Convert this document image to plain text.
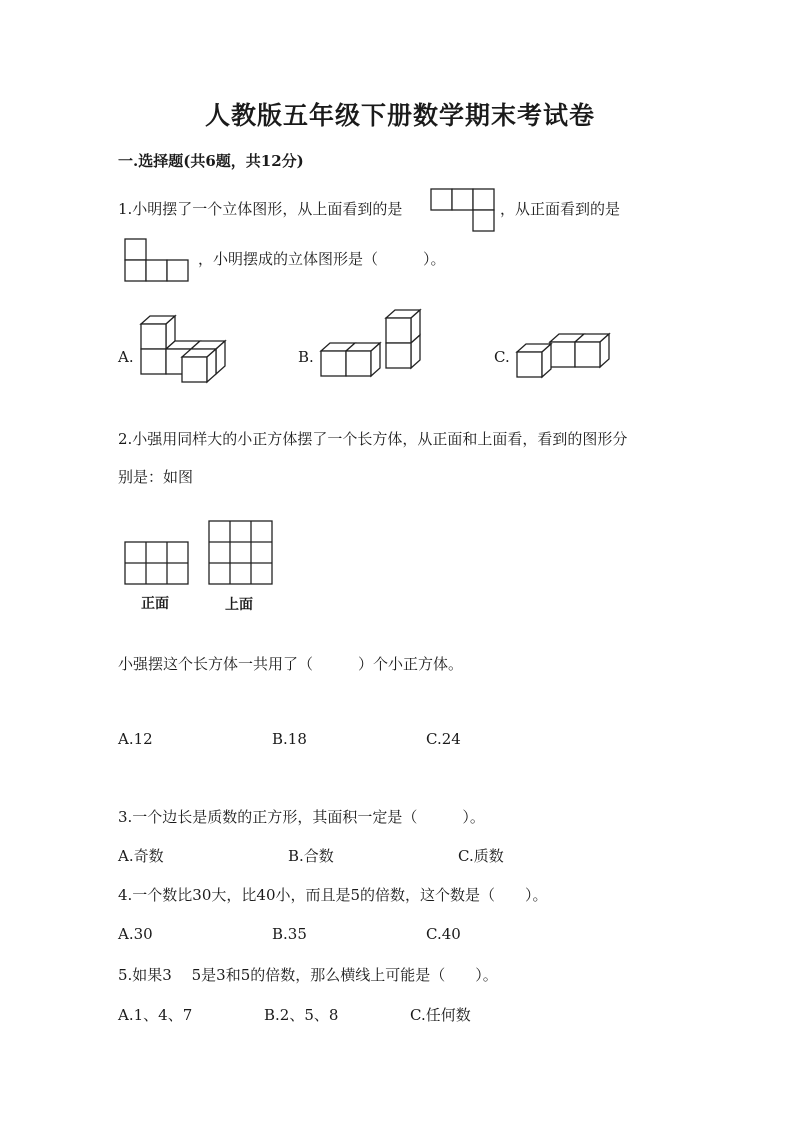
人教版五年级下册数学期末考试卷
一.选择题(共6题，共12分)
1.小明摆了一个立体图形，从上面看到的是	，从正面看到的是
，小明摆成的立体图形是（　　　）。
A.	B.	C.
2.小强用同样大的小正方体摆了一个长方体，从正面和上面看，看到的图形分
别是：如图
正面	上面
小强摆这个长方体一共用了（　　　）个小正方体。
A.12	B.18	C.24
3.一个边长是质数的正方形，其面积一定是（　　　）。
A.奇数	B.合数	C.质数
4.一个数比30大，比40小，而且是5的倍数，这个数是（　　）。
A.30	B.35	C.40
5.如果3　 5是3和5的倍数，那么横线上可能是（　　）。
A.1、4、7	B.2、5、8	C.任何数
